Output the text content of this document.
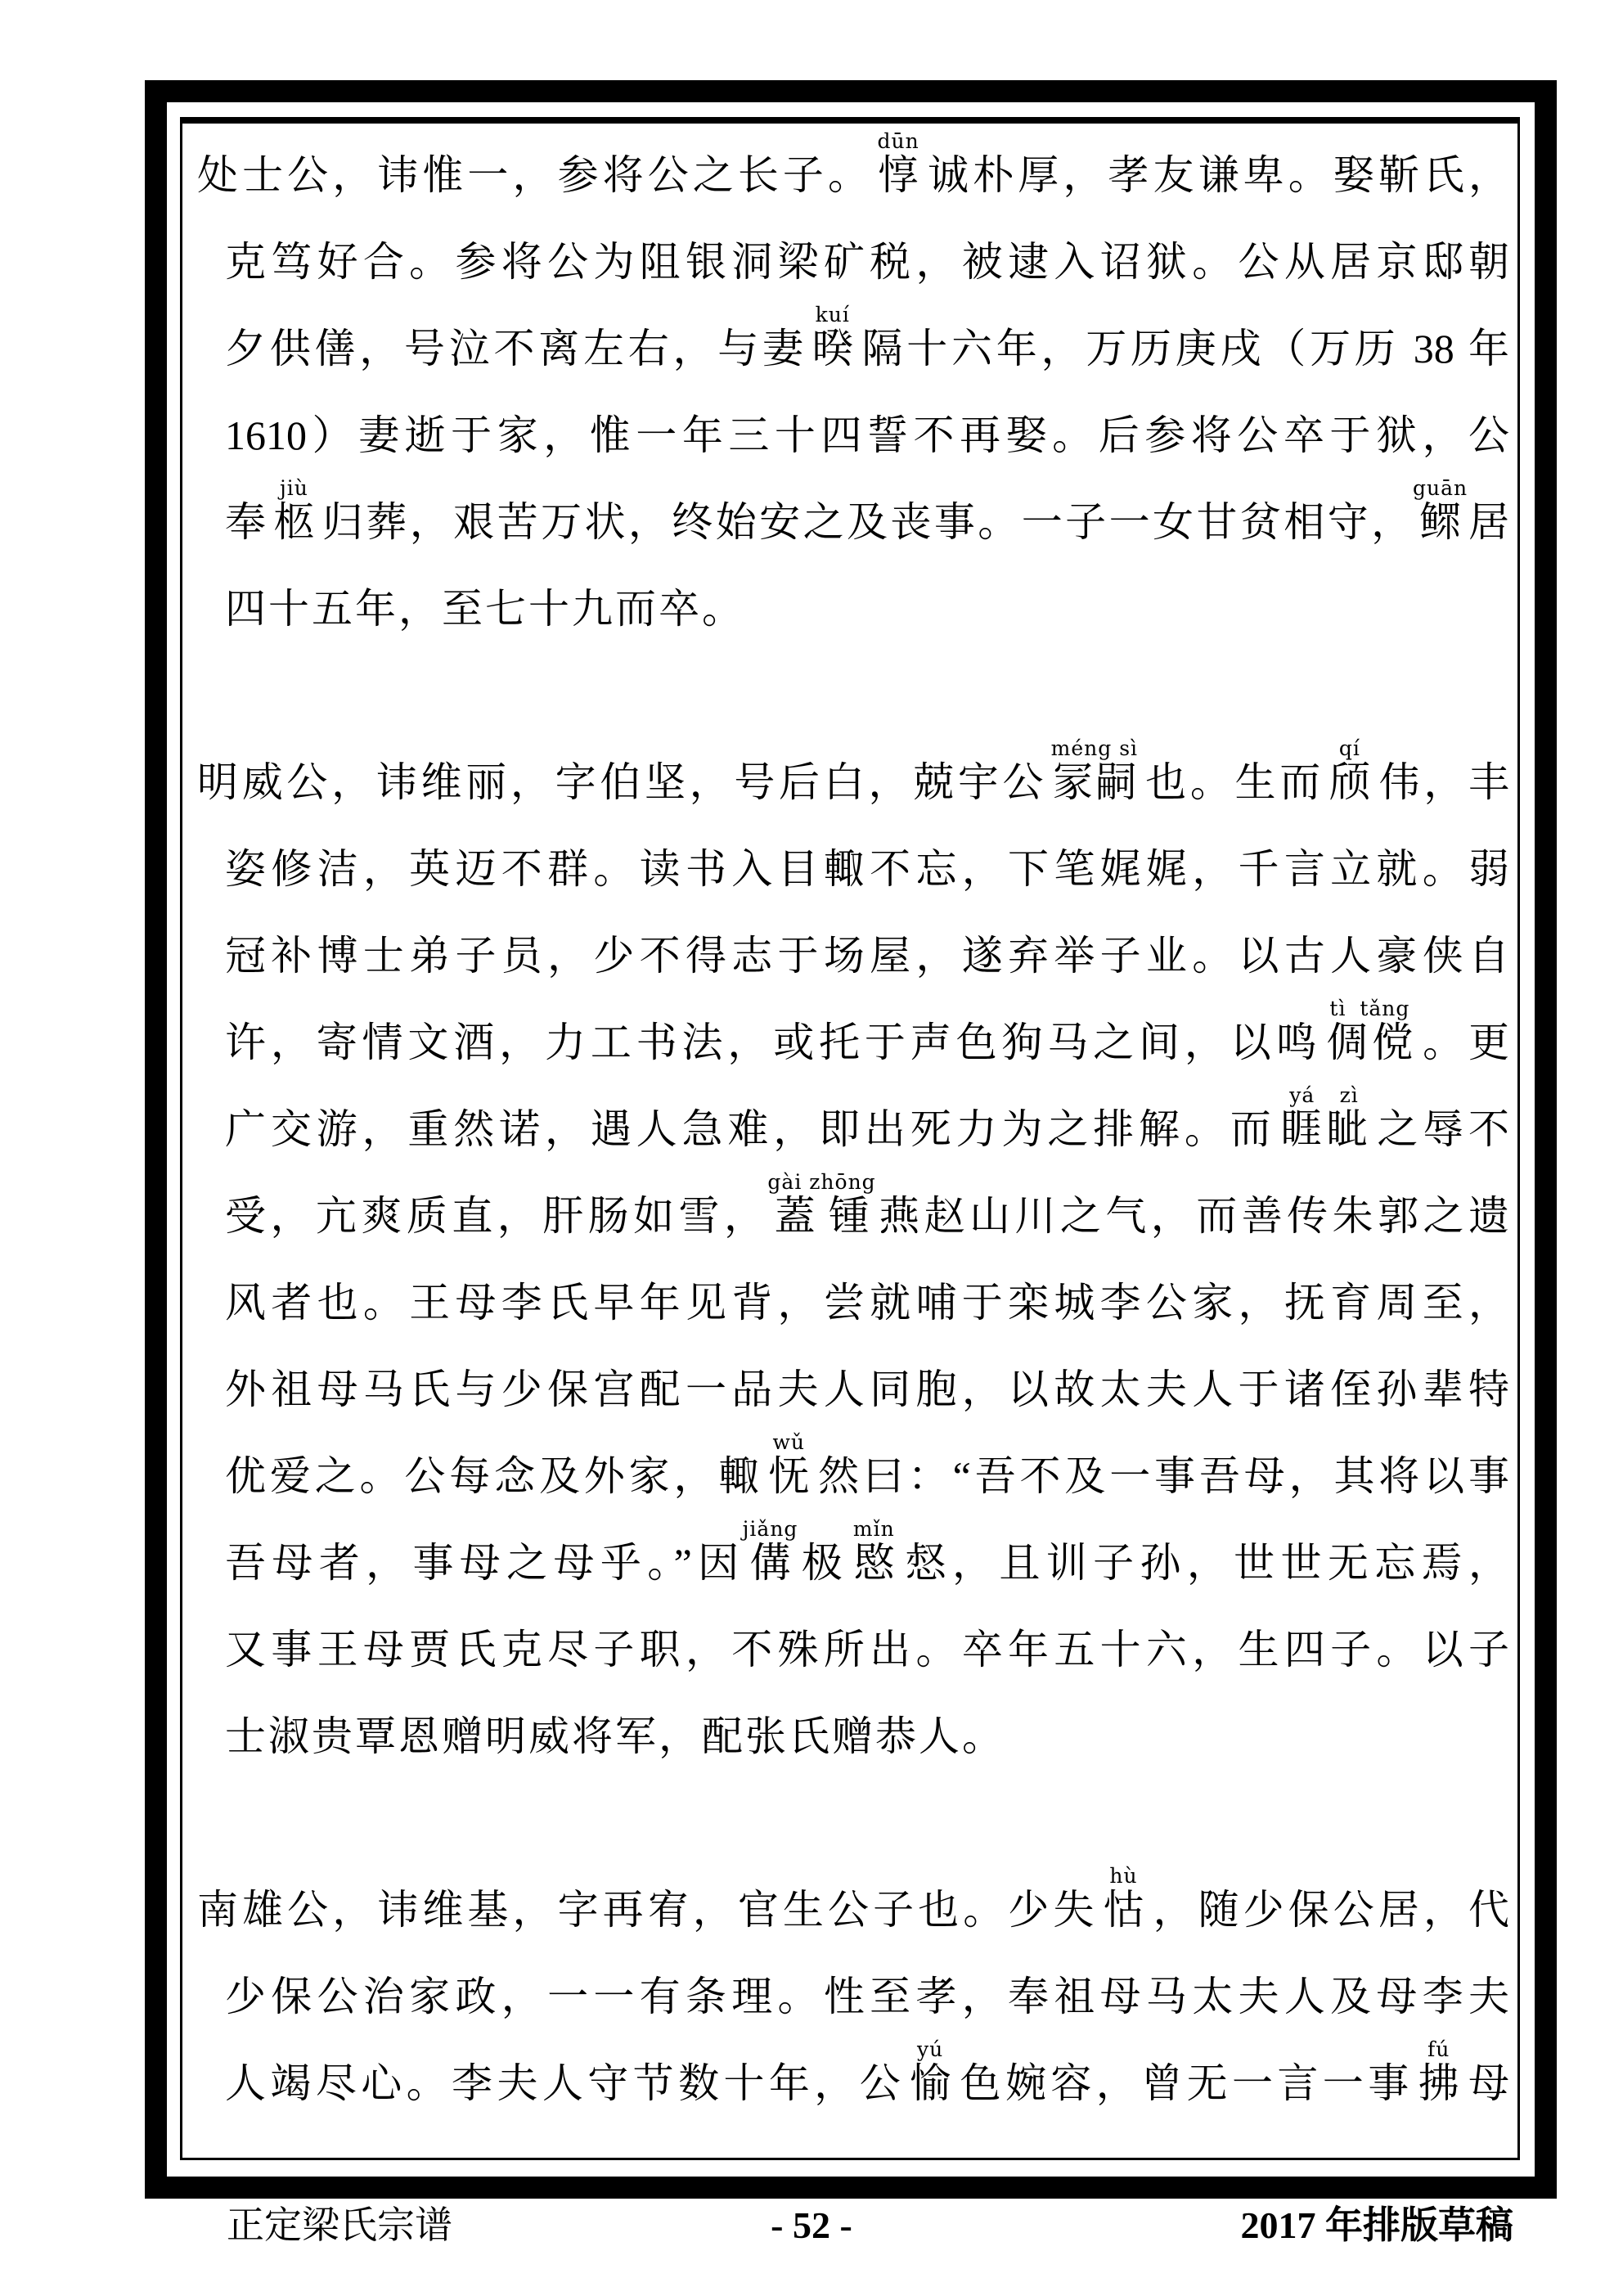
处士公，讳惟一，参将公之长子。 惇dūn诚朴厚，孝友谦卑。娶靳氏，
克笃好合。参将公为阻银洞梁矿税，被逮入诏狱。公从居京邸朝
夕供僐，号泣不离左右，与妻 暌kuí隔十六年，万历庚戌（万历 38 年
1610）妻逝于家，惟一年三十四誓不再娶。后参将公卒于狱，公
奉 柩jiù归葬，艰苦万状，终始安之及丧事。一子一女甘贫相守，鳏guān居
四十五年，至七十九而卒。
明威公，讳维丽，字伯坚，号后白，兢宇公冡嗣méng sì也。生而 颀qí伟，丰
姿修洁，英迈不群。读书入目輙不忘，下笔娓娓，千言立就。弱
冠补博士弟子员，少不得志于场屋，遂弃举子业。以古人豪侠自
许，寄情文酒，力工书法，或托于声色狗马之间，以鸣 倜傥tì tǎng。更
广交游，重然诺，遇人急难，即出死力为之排解。而 睚眦yá zì之辱不
受，亢爽质直，肝肠如雪，蓋锺gài zhōng燕赵山川之气，而善传朱郭之遗
风者也。王母李氏早年见背，尝就哺于栾城李公家，抚育周至，
外祖母马氏与少保宫配一品夫人同胞，以故太夫人于诸侄孙辈特
优爱之。公每念及外家，輙 怃wǔ然曰：“吾不及一事吾母，其将以事
吾母者，事母之母乎。”因傋jiǎng极 愍mǐn惄，且训子孙，世世无忘焉，
又事王母贾氏克尽子职，不殊所出。卒年五十六，生四子。以子
士淑贵覃恩赠明威将军，配张氏赠恭人。
南雄公，讳维基，字再宥，官生公子也。少失 怙hù，随少保公居，代
少保公治家政，一一有条理。性至孝，奉祖母马太夫人及母李夫
人竭尽心。李夫人守节数十年，公 愉yú色婉容，曾无一言一事 拂fú母
正定梁氏宗谱	- 52 -	2017 年排版草稿
